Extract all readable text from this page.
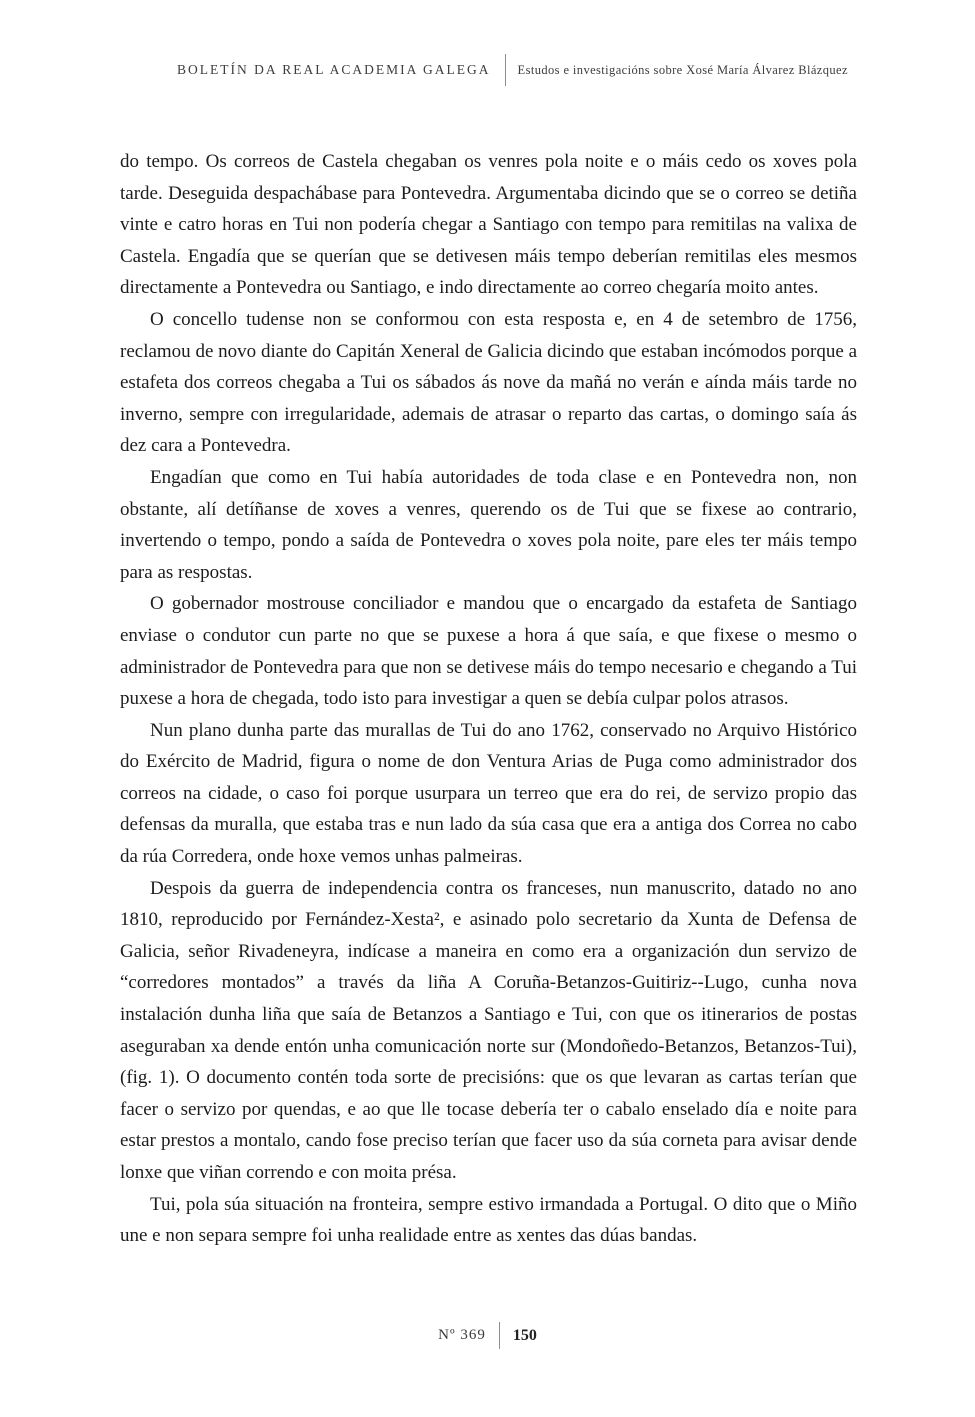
BOLETÍN DA REAL ACADEMIA GALEGA Estudos e investigacións sobre Xosé María Álvarez Blázquez

do tempo. Os correos de Castela chegaban os venres pola noite e o máis cedo os xoves pola tarde. Deseguida despachábase para Pontevedra. Argumentaba dicindo que se o correo se detiña vinte e catro horas en Tui non podería chegar a Santiago con tempo para remitilas na valixa de Castela. Engadía que se querían que se detivesen máis tempo deberían remitilas eles mesmos directamente a Pontevedra ou Santiago, e indo directamente ao correo chegaría moito antes.

O concello tudense non se conformou con esta resposta e, en 4 de setembro de 1756, reclamou de novo diante do Capitán Xeneral de Galicia dicindo que estaban incómodos porque a estafeta dos correos chegaba a Tui os sábados ás nove da mañá no verán e aínda máis tarde no inverno, sempre con irregularidade, ademais de atrasar o reparto das cartas, o domingo saía ás dez cara a Pontevedra.

Engadían que como en Tui había autoridades de toda clase e en Pontevedra non, non obstante, alí detíñanse de xoves a venres, querendo os de Tui que se fixese ao contrario, invertendo o tempo, pondo a saída de Pontevedra o xoves pola noite, pare eles ter máis tempo para as respostas.

O gobernador mostrouse conciliador e mandou que o encargado da estafeta de Santiago enviase o condutor cun parte no que se puxese a hora á que saía, e que fixese o mesmo o administrador de Pontevedra para que non se detivese máis do tempo necesario e chegando a Tui puxese a hora de chegada, todo isto para investigar a quen se debía culpar polos atrasos.

Nun plano dunha parte das murallas de Tui do ano 1762, conservado no Arquivo Histórico do Exército de Madrid, figura o nome de don Ventura Arias de Puga como administrador dos correos na cidade, o caso foi porque usurpara un terreo que era do rei, de servizo propio das defensas da muralla, que estaba tras e nun lado da súa casa que era a antiga dos Correa no cabo da rúa Corredera, onde hoxe vemos unhas palmeiras.

Despois da guerra de independencia contra os franceses, nun manuscrito, datado no ano 1810, reproducido por Fernández-Xesta², e asinado polo secretario da Xunta de Defensa de Galicia, señor Rivadeneyra, indícase a maneira en como era a organización dun servizo de “corredores montados” a través da liña A Coruña-Betanzos-Guitiriz--Lugo, cunha nova instalación dunha liña que saía de Betanzos a Santiago e Tui, con que os itinerarios de postas aseguraban xa dende entón unha comunicación norte sur (Mondoñedo-Betanzos, Betanzos-Tui), (fig. 1). O documento contén toda sorte de precisións: que os que levaran as cartas terían que facer o servizo por quendas, e ao que lle tocase debería ter o cabalo enselado día e noite para estar prestos a montalo, cando fose preciso terían que facer uso da súa corneta para avisar dende lonxe que viñan correndo e con moita présa.

Tui, pola súa situación na fronteira, sempre estivo irmandada a Portugal. O dito que o Miño une e non separa sempre foi unha realidade entre as xentes das dúas bandas.

Nº 369 150
